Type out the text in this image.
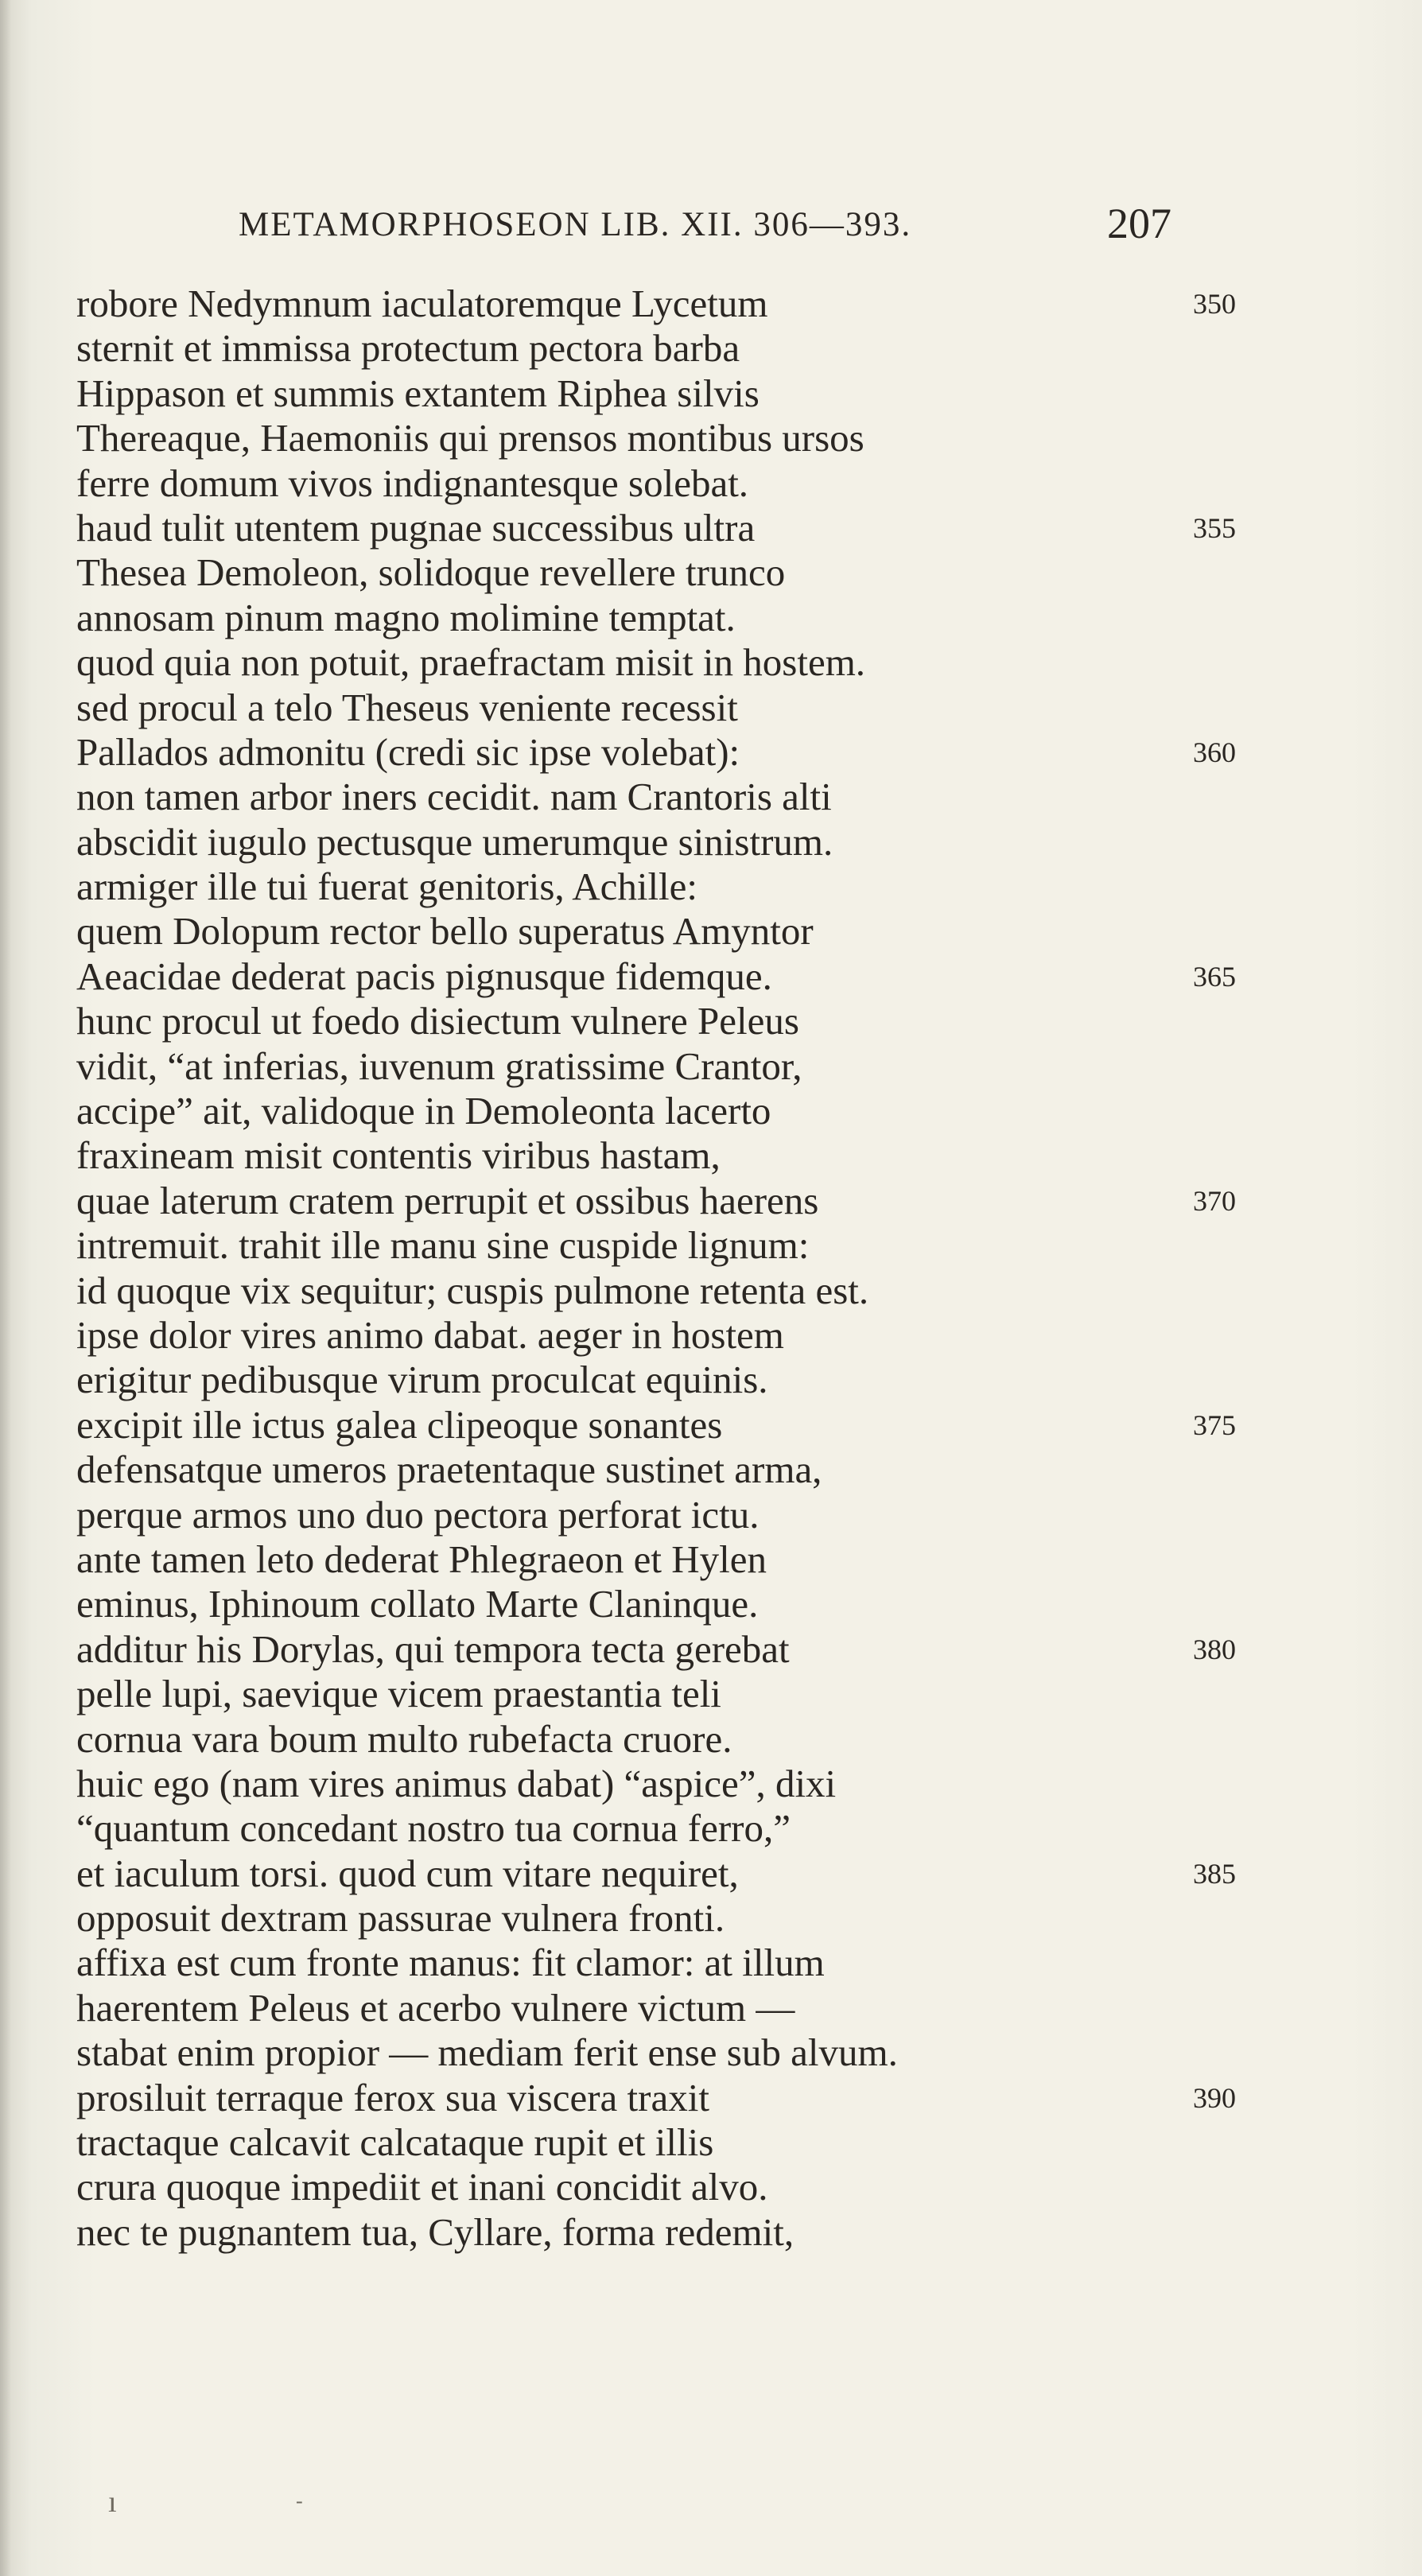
METAMORPHOSEON LIB. XII. 306—393.	207
robore Nedymnum iaculatoremque Lycetum	350
sternit et immissa protectum pectora barba
Hippason et summis extantem Riphea silvis
Thereaque, Haemoniis qui prensos montibus ursos
ferre domum vivos indignantesque solebat.
haud tulit utentem pugnae successibus ultra	355
Thesea Demoleon, solidoque revellere trunco
annosam pinum magno molimine temptat.
quod quia non potuit, praefractam misit in hostem.
sed procul a telo Theseus veniente recessit
Pallados admonitu (credi sic ipse volebat):	360
non tamen arbor iners cecidit. nam Crantoris alti
abscidit iugulo pectusque umerumque sinistrum.
armiger ille tui fuerat genitoris, Achille:
quem Dolopum rector bello superatus Amyntor
Aeacidae dederat pacis pignusque fidemque.	365
hunc procul ut foedo disiectum vulnere Peleus
vidit, “at inferias, iuvenum gratissime Crantor,
accipe” ait, validoque in Demoleonta lacerto
fraxineam misit contentis viribus hastam,
quae laterum cratem perrupit et ossibus haerens	370
intremuit. trahit ille manu sine cuspide lignum:
id quoque vix sequitur; cuspis pulmone retenta est.
ipse dolor vires animo dabat. aeger in hostem
erigitur pedibusque virum proculcat equinis.
excipit ille ictus galea clipeoque sonantes	375
defensatque umeros praetentaque sustinet arma,
perque armos uno duo pectora perforat ictu.
ante tamen leto dederat Phlegraeon et Hylen
eminus, Iphinoum collato Marte Claninque.
additur his Dorylas, qui tempora tecta gerebat	380
pelle lupi, saevique vicem praestantia teli
cornua vara boum multo rubefacta cruore.
huic ego (nam vires animus dabat) “aspice”, dixi
“quantum concedant nostro tua cornua ferro,”
et iaculum torsi. quod cum vitare nequiret,	385
opposuit dextram passurae vulnera fronti.
affixa est cum fronte manus: fit clamor: at illum
haerentem Peleus et acerbo vulnere victum —
stabat enim propior — mediam ferit ense sub alvum.
prosiluit terraque ferox sua viscera traxit	390
tractaque calcavit calcataque rupit et illis
crura quoque impediit et inani concidit alvo.
nec te pugnantem tua, Cyllare, forma redemit,
ı	-
